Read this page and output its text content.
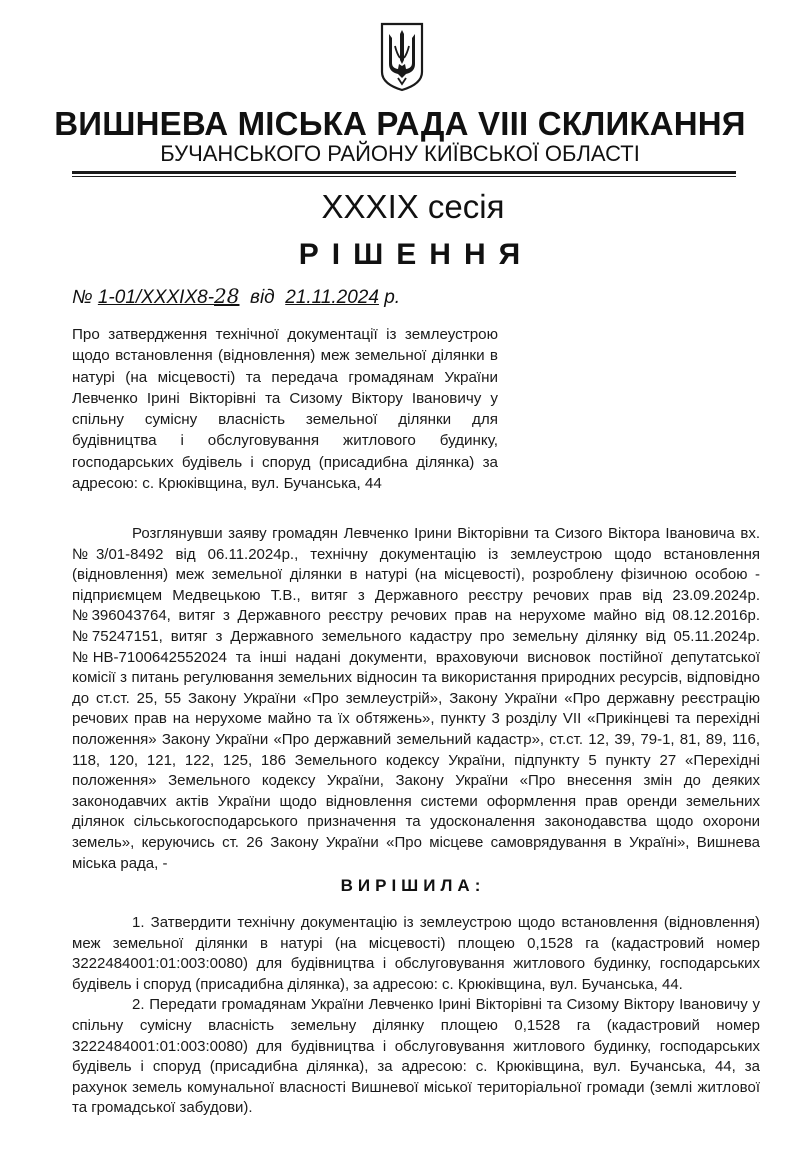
ВИШНЕВА МІСЬКА РАДА VIII СКЛИКАННЯ
БУЧАНСЬКОГО РАЙОНУ КИЇВСЬКОЇ ОБЛАСТІ
XXXIX сесія
РІШЕННЯ
№ 1-01/XXXIX8-28 від 21.11.2024 р.
Про затвердження технічної документації із землеустрою щодо встановлення (відновлення) меж земельної ділянки в натурі (на місцевості) та передача громадянам України Левченко Ірині Вікторівні та Сизому Віктору Івановичу у спільну сумісну власність земельної ділянки для будівництва і обслуговування житлового будинку, господарських будівель і споруд (присадибна ділянка) за адресою: с. Крюківщина, вул. Бучанська, 44

Розглянувши заяву громадян Левченко Ірини Вікторівни та Сизого Віктора Івановича вх.№3/01-8492 від 06.11.2024р., технічну документацію із землеустрою щодо встановлення (відновлення) меж земельної ділянки в натурі (на місцевості), розроблену фізичною особою - підприємцем Медвецькою Т.В., витяг з Державного реєстру речових прав від 23.09.2024р. №396043764, витяг з Державного реєстру речових прав на нерухоме майно від 08.12.2016р. №75247151, витяг з Державного земельного кадастру про земельну ділянку від 05.11.2024р. №НВ-7100642552024 та інші надані документи, враховуючи висновок постійної депутатської комісії з питань регулювання земельних відносин та використання природних ресурсів, відповідно до ст.ст. 25, 55 Закону України «Про землеустрій», Закону України «Про державну реєстрацію речових прав на нерухоме майно та їх обтяжень», пункту 3 розділу VII «Прикінцеві та перехідні положення» Закону України «Про державний земельний кадастр», ст.ст. 12, 39, 79-1, 81, 89, 116, 118, 120, 121, 122, 125, 186 Земельного кодексу України, підпункту 5 пункту 27 «Перехідні положення» Земельного кодексу України, Закону України «Про внесення змін до деяких законодавчих актів України щодо відновлення системи оформлення прав оренди земельних ділянок сільськогосподарського призначення та удосконалення законодавства щодо охорони земель», керуючись ст. 26 Закону України «Про місцеве самоврядування в Україні», Вишнева міська рада, -

ВИРІШИЛА:

1. Затвердити технічну документацію із землеустрою щодо встановлення (відновлення) меж земельної ділянки в натурі (на місцевості) площею 0,1528 га (кадастровий номер 3222484001:01:003:0080) для будівництва і обслуговування житлового будинку, господарських будівель і споруд (присадибна ділянка), за адресою: с. Крюківщина, вул. Бучанська, 44.

2. Передати громадянам України Левченко Ірині Вікторівні та Сизому Віктору Івановичу у спільну сумісну власність земельну ділянку площею 0,1528 га (кадастровий номер 3222484001:01:003:0080) для будівництва і обслуговування житлового будинку, господарських будівель і споруд (присадибна ділянка), за адресою: с. Крюківщина, вул. Бучанська, 44, за рахунок земель комунальної власності Вишневої міської територіальної громади (землі житлової та громадської забудови).
